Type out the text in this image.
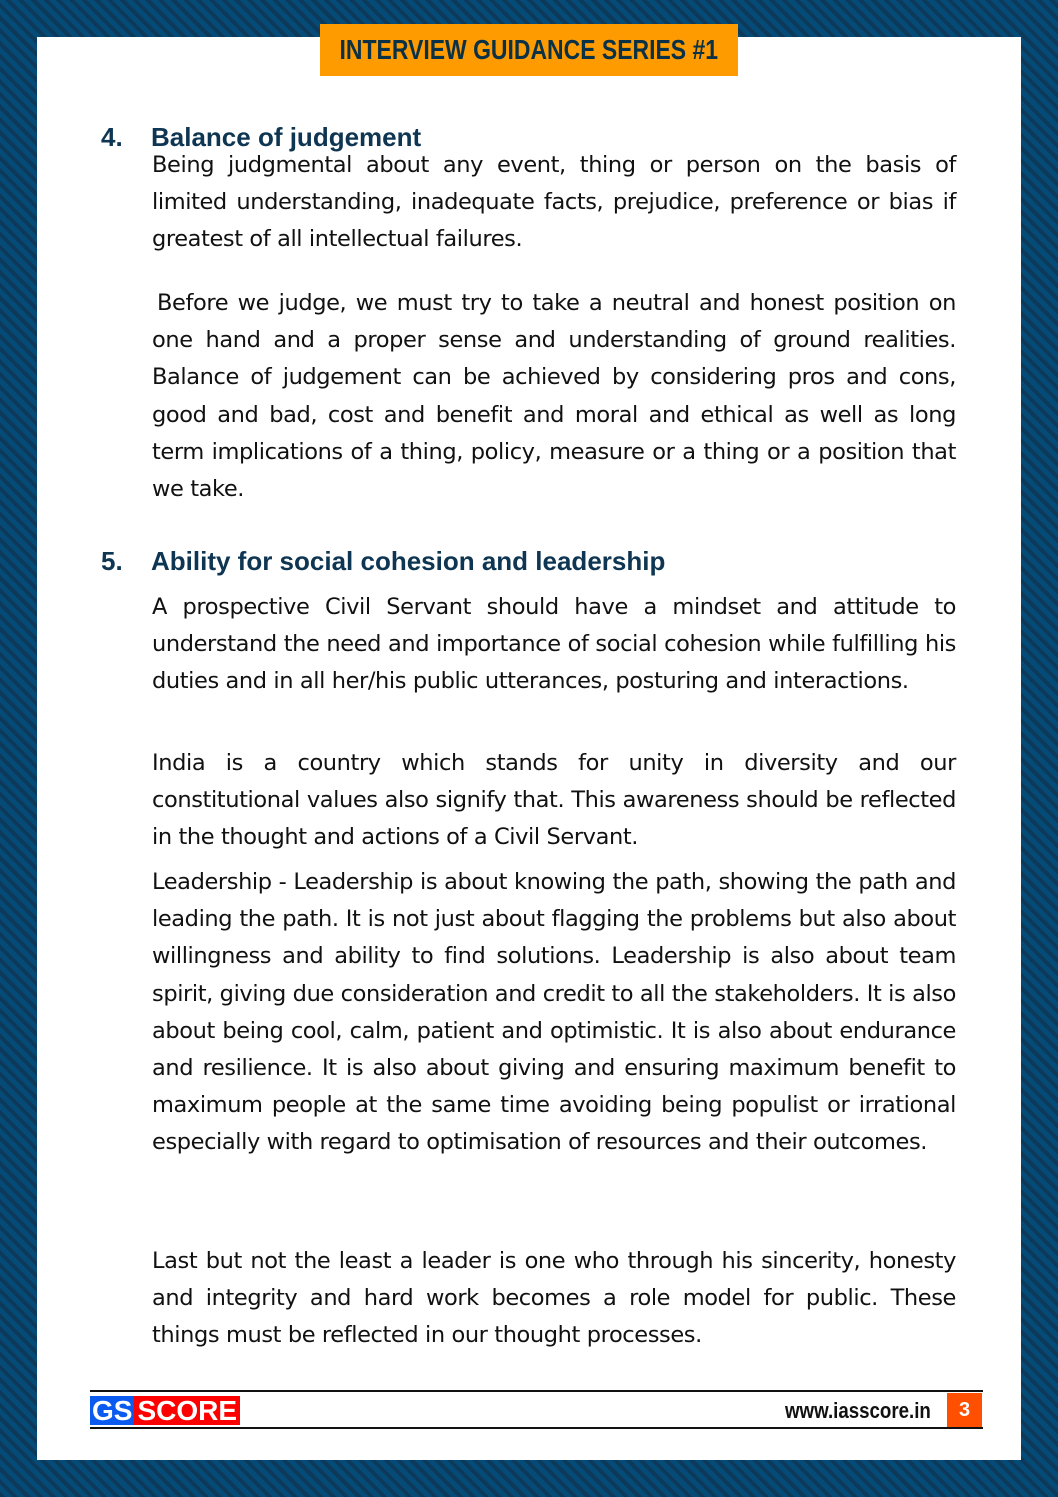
INTERVIEW GUIDANCE SERIES #1
4.	Balance of judgement

Being judgmental about any event, thing or person on the basis of limited understanding, inadequate facts, prejudice, preference or bias if greatest of all intellectual failures.

Before we judge, we must try to take a neutral and honest position on one hand and a proper sense and understanding of ground realities. Balance of judgement can be achieved by considering pros and cons, good and bad, cost and benefit and moral and ethical as well as long term implications of a thing, policy, measure or a thing or a position that we take.

5.	Ability for social cohesion and leadership

A prospective Civil Servant should have a mindset and attitude to understand the need and importance of social cohesion while fulfilling his duties and in all her/his public utterances, posturing and interactions.

India is a country which stands for unity in diversity and our constitutional values also signify that. This awareness should be reflected in the thought and actions of a Civil Servant.

Leadership - Leadership is about knowing the path, showing the path and leading the path. It is not just about flagging the problems but also about willingness and ability to find solutions. Leadership is also about team spirit, giving due consideration and credit to all the stakeholders. It is also about being cool, calm, patient and optimistic. It is also about endurance and resilience. It is also about giving and ensuring maximum benefit to maximum people at the same time avoiding being populist or irrational especially with regard to optimisation of resources and their outcomes.

Last but not the least a leader is one who through his sincerity, honesty and integrity and hard work becomes a role model for public. These things must be reflected in our thought processes.

GS SCORE	www.iasscore.in	3
